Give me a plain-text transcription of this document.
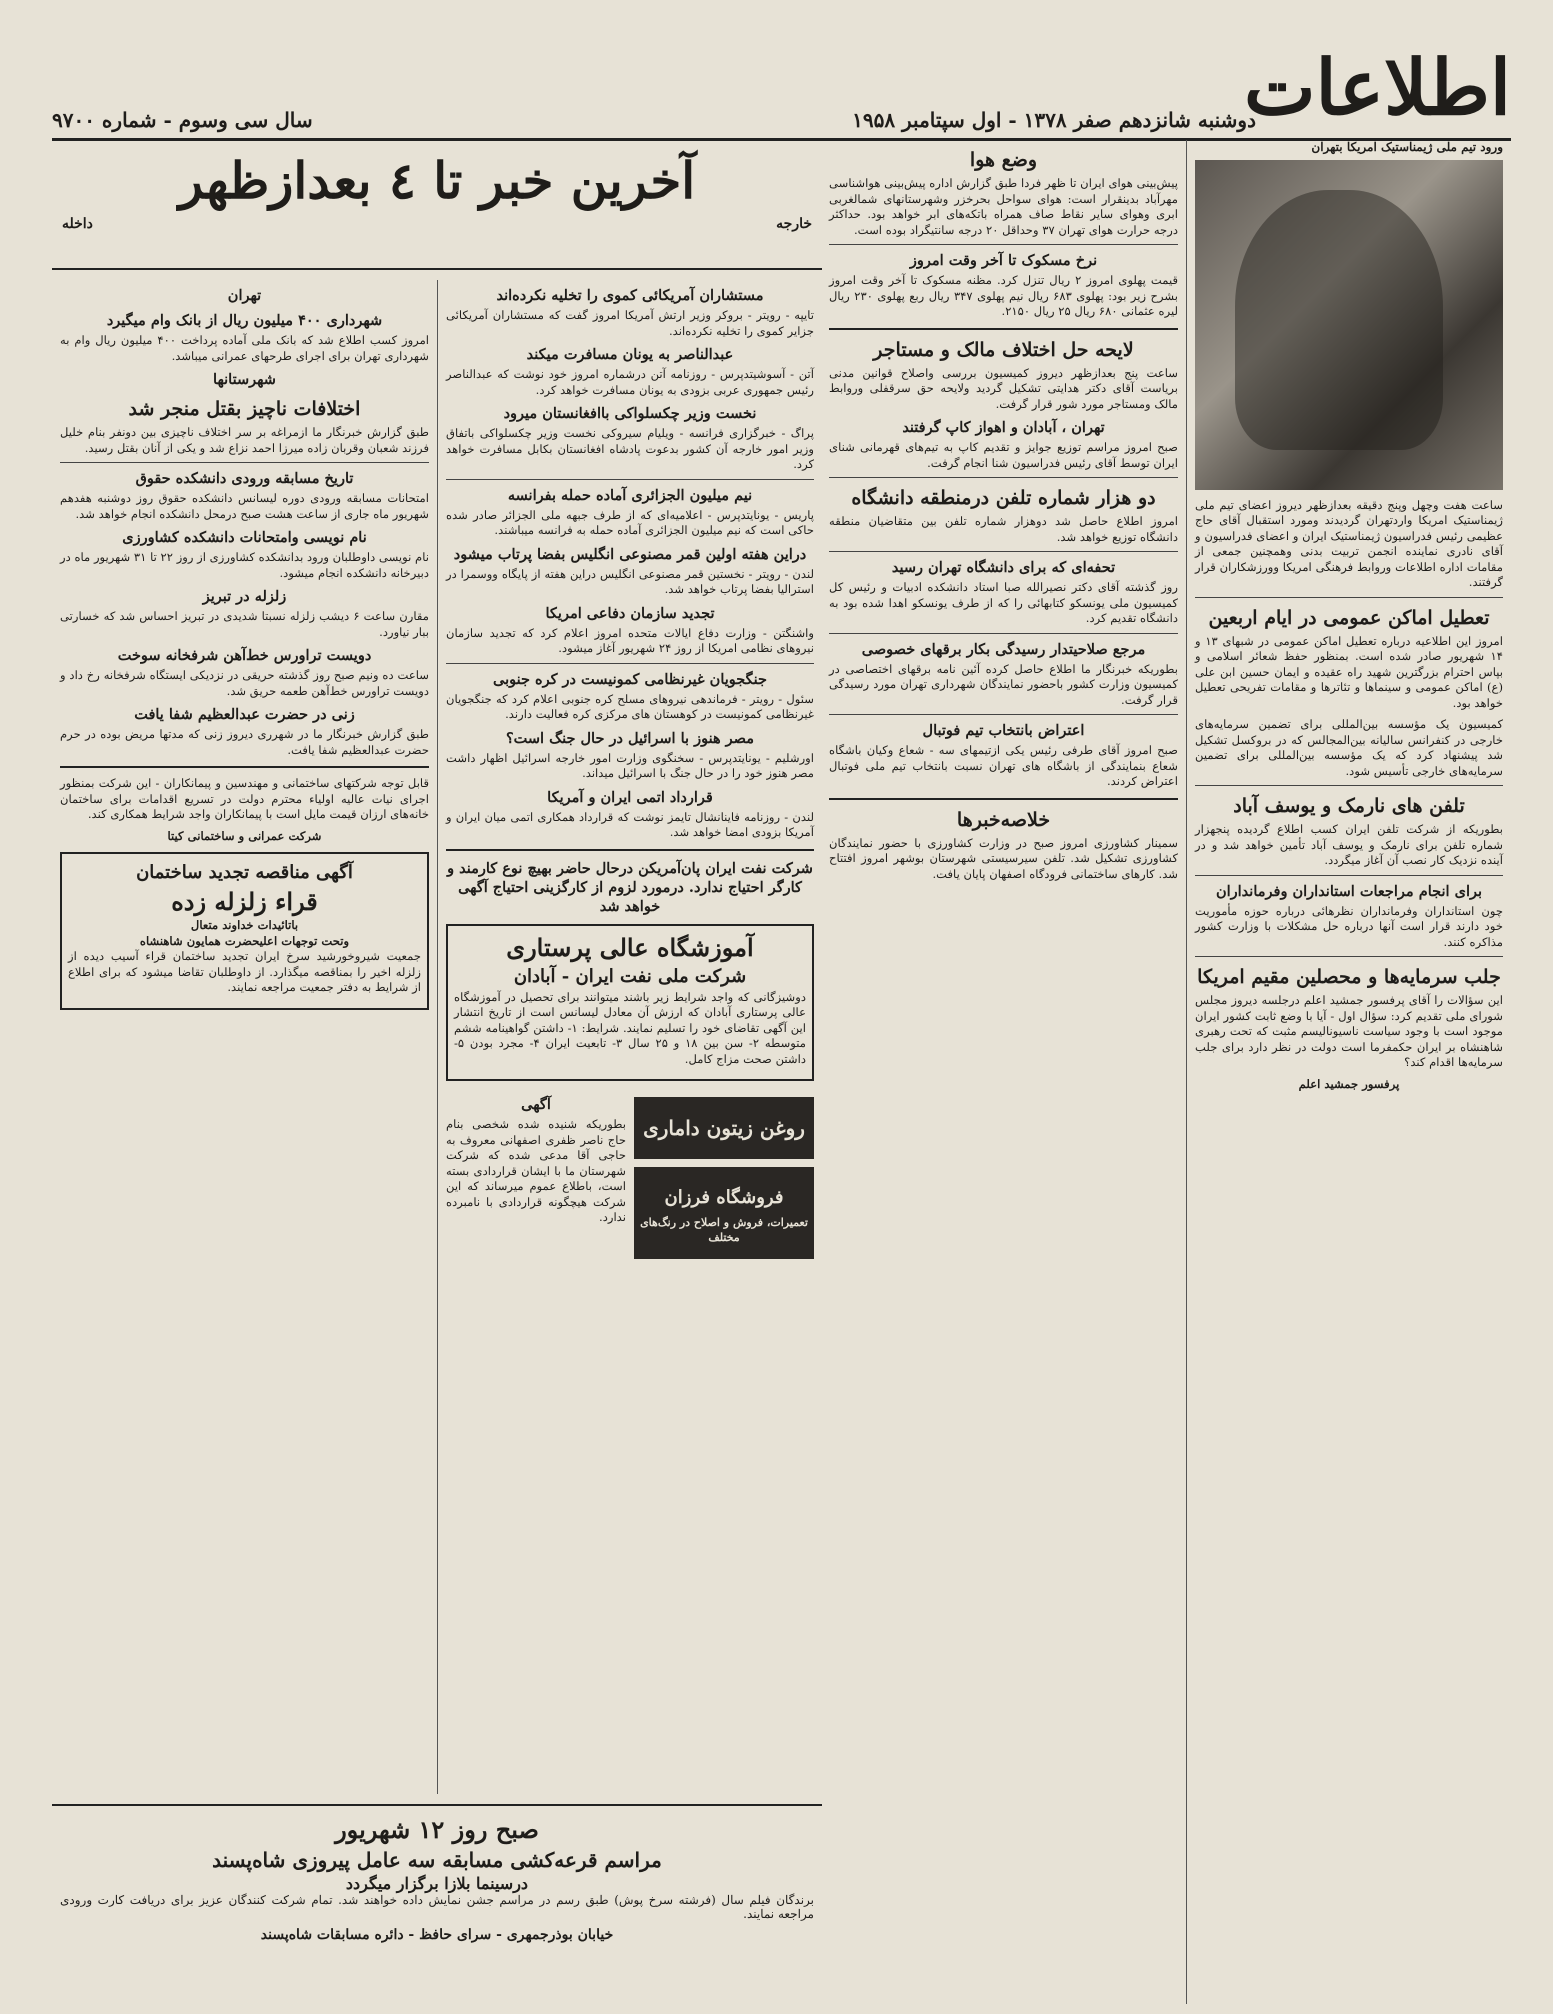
اطلاعات
دوشنبه شانزدهم صفر ۱۳۷۸ - اول سپتامبر ۱۹۵۸
سال سی وسوم - شماره ۹۷۰۰
ورود تیم ملی ژیمناستیک امریکا بتهران

ساعت هفت وچهل وپنج دقیقه بعدازظهر دیروز اعضای تیم ملی ژیمناستیک امریکا واردتهران گردیدند ومورد استقبال آقای حاج عظیمی رئیس فدراسیون ژیمناستیک ایران و اعضای فدراسیون و آقای نادری نماینده انجمن تربیت بدنی وهمچنین جمعی از مقامات اداره اطلاعات وروابط فرهنگی امریکا وورزشکاران قرار گرفتند.

تعطیل اماکن عمومی در ایام اربعین

امروز این اطلاعیه درباره تعطیل اماکن عمومی در شبهای ۱۳ و ۱۴ شهریور صادر شده است. بمنظور حفظ شعائر اسلامی و بپاس احترام بزرگترین شهید راه عقیده و ایمان حسین ابن علی (ع) اماکن عمومی و سینماها و تئاترها و مقامات تفریحی تعطیل خواهد بود.

کمیسیون یک مؤسسه بین‌المللی برای تضمین سرمایه‌های خارجی در کنفرانس سالیانه بین‌المجالس که در بروکسل تشکیل شد پیشنهاد کرد که یک مؤسسه بین‌المللی برای تضمین سرمایه‌های خارجی تأسیس شود.

تلفن های نارمک و یوسف آباد

بطوریکه از شرکت تلفن ایران کسب اطلاع گردیده پنجهزار شماره تلفن برای نارمک و یوسف آباد تأمین خواهد شد و در آینده نزدیک کار نصب آن آغاز میگردد.

برای انجام مراجعات استانداران وفرمانداران

چون استانداران وفرمانداران نظرهائی درباره حوزه مأموریت خود دارند قرار است آنها درباره حل مشکلات با وزارت کشور مذاکره کنند.

جلب سرمایه‌ها و محصلین مقیم امریکا

این سؤالات را آقای پرفسور جمشید اعلم درجلسه دیروز مجلس شورای ملی تقدیم کرد: سؤال اول - آیا با وضع ثابت کشور ایران موجود است با وجود سیاست ناسیونالیسم مثبت که تحت رهبری شاهنشاه بر ایران حکمفرما است دولت در نظر دارد برای جلب سرمایه‌ها اقدام کند؟

پرفسور جمشید اعلم

وضع هوا

پیش‌بینی هوای ایران تا ظهر فردا طبق گزارش اداره پیش‌بینی هواشناسی مهرآباد بدینقرار است: هوای سواحل بحرخزر وشهرستانهای شمالغربی ابری وهوای سایر نقاط صاف همراه باتکه‌های ابر خواهد بود. حداکثر درجه حرارت هوای تهران ۳۷ وحداقل ۲۰ درجه سانتیگراد بوده است.

نرخ مسکوک تا آخر وقت امروز

قیمت پهلوی امروز ۲ ریال تنزل کرد. مظنه مسکوک تا آخر وقت امروز بشرح زیر بود: پهلوی ۶۸۳ ریال نیم پهلوی ۳۴۷ ریال ربع پهلوی ۲۳۰ ریال لیره عثمانی ۶۸۰ ریال ۲۵ ریال ۲۱۵۰.

لایحه حل اختلاف مالک و مستاجر

ساعت پنج بعدازظهر دیروز کمیسیون بررسی واصلاح قوانین مدنی بریاست آقای دکتر هدایتی تشکیل گردید ولایحه حق سرقفلی وروابط مالک ومستاجر مورد شور قرار گرفت.

تهران ، آبادان و اهواز کاپ گرفتند

صبح امروز مراسم توزیع جوایز و تقدیم کاپ به تیم‌های قهرمانی شنای ایران توسط آقای رئیس فدراسیون شنا انجام گرفت.

دو هزار شماره تلفن درمنطقه دانشگاه

امروز اطلاع حاصل شد دوهزار شماره تلفن بین متقاضیان منطقه دانشگاه توزیع خواهد شد.

تحفه‌ای که برای دانشگاه تهران رسید

روز گذشته آقای دکتر نصیرالله صبا استاد دانشکده ادبیات و رئیس کل کمیسیون ملی یونسکو کتابهائی را که از طرف یونسکو اهدا شده بود به دانشگاه تقدیم کرد.

مرجع صلاحیتدار رسیدگی بکار برقهای خصوصی

بطوریکه خبرنگار ما اطلاع حاصل کرده آئین نامه برقهای اختصاصی در کمیسیون وزارت کشور باحضور نمایندگان شهرداری تهران مورد رسیدگی قرار گرفت.

اعتراض بانتخاب تیم فوتبال

صبح امروز آقای طرفی رئیس یکی ازتیمهای سه - شعاع وکیان باشگاه شعاع بنمایندگی از باشگاه های تهران نسبت بانتخاب تیم ملی فوتبال اعتراض کردند.

خلاصه‌خبرها

سمینار کشاورزی امروز صبح در وزارت کشاورزی با حضور نمایندگان کشاورزی تشکیل شد. تلفن سیرسیستی شهرستان بوشهر امروز افتتاح شد. کارهای ساختمانی فرودگاه اصفهان پایان یافت.

آخرین خبر تا ٤ بعدازظهر
خارجه
داخله
مستشاران آمریکائی کموی را تخلیه نکرده‌اند

تایپه - رویتر - بروکر وزیر ارتش آمریکا امروز گفت که مستشاران آمریکائی جزایر کموی را تخلیه نکرده‌اند.

عبدالناصر به یونان مسافرت میکند

آتن - آسوشیتدپرس - روزنامه آتن درشماره امروز خود نوشت که عبدالناصر رئیس جمهوری عربی بزودی به یونان مسافرت خواهد کرد.

نخست وزیر چکسلواکی باافغانستان میرود

پراگ - خبرگزاری فرانسه - ویلیام سیروکی نخست وزیر چکسلواکی باتفاق وزیر امور خارجه آن کشور بدعوت پادشاه افغانستان بکابل مسافرت خواهد کرد.

نیم میلیون الجزائری آماده حمله بفرانسه

پاریس - یونایتدپرس - اعلامیه‌ای که از طرف جبهه ملی الجزائر صادر شده حاکی است که نیم میلیون الجزائری آماده حمله به فرانسه میباشند.

دراین هفته اولین قمر مصنوعی انگلیس بفضا پرتاب میشود

لندن - رویتر - نخستین قمر مصنوعی انگلیس دراین هفته از پایگاه ووسمرا در استرالیا بفضا پرتاب خواهد شد.

تجدید سازمان دفاعی امریکا

واشنگتن - وزارت دفاع ایالات متحده امروز اعلام کرد که تجدید سازمان نیروهای نظامی امریکا از روز ۲۴ شهریور آغاز میشود.

جنگجویان غیرنظامی کمونیست در کره جنوبی

سئول - رویتر - فرماندهی نیروهای مسلح کره جنوبی اعلام کرد که جنگجویان غیرنظامی کمونیست در کوهستان های مرکزی کره فعالیت دارند.

مصر هنوز با اسرائیل در حال جنگ است؟

اورشلیم - یونایتدپرس - سخنگوی وزارت امور خارجه اسرائیل اظهار داشت مصر هنوز خود را در حال جنگ با اسرائیل میداند.

قرارداد اتمی ایران و آمریکا

لندن - روزنامه فاینانشال تایمز نوشت که قرارداد همکاری اتمی میان ایران و آمریکا بزودی امضا خواهد شد.

شرکت نفت ایران پان‌آمریکن درحال حاضر بهیچ نوع کارمند و کارگر احتیاج ندارد. درمورد لزوم از کارگزینی احتیاج آگهی خواهد شد
آموزشگاه عالی پرستاری
شرکت ملی نفت ایران - آبادان

دوشیزگانی که واجد شرایط زیر باشند میتوانند برای تحصیل در آموزشگاه عالی پرستاری آبادان که ارزش آن معادل لیسانس است از تاریخ انتشار این آگهی تقاضای خود را تسلیم نمایند. شرایط: ۱- داشتن گواهینامه ششم متوسطه ۲- سن بین ۱۸ و ۲۵ سال ۳- تابعیت ایران ۴- مجرد بودن ۵- داشتن صحت مزاج کامل.

روغن زیتون داماری
فروشگاه فرزان
تعمیرات، فروش و اصلاح در رنگ‌های مختلف
آگهی

بطوریکه شنیده شده شخصی بنام حاج ناصر ظفری اصفهانی معروف به حاجی آقا مدعی شده که شرکت شهرستان ما با ایشان قراردادی بسته است، باطلاع عموم میرساند که این شرکت هیچگونه قراردادی با نامبرده ندارد.

تهران
شهرداری ۴۰۰ میلیون ریال از بانک وام میگیرد

امروز کسب اطلاع شد که بانک ملی آماده پرداخت ۴۰۰ میلیون ریال وام به شهرداری تهران برای اجرای طرحهای عمرانی میباشد.

شهرستانها
اختلافات ناچیز بقتل منجر شد

طبق گزارش خبرنگار ما ازمراغه بر سر اختلاف ناچیزی بین دونفر بنام خلیل فرزند شعبان وقربان زاده میرزا احمد نزاع شد و یکی از آنان بقتل رسید.

تاریخ مسابقه ورودی دانشکده حقوق

امتحانات مسابقه ورودی دوره لیسانس دانشکده حقوق روز دوشنبه هفدهم شهریور ماه جاری از ساعت هشت صبح درمحل دانشکده انجام خواهد شد.

نام نویسی وامتحانات دانشکده کشاورزی

نام نویسی داوطلبان ورود بدانشکده کشاورزی از روز ۲۲ تا ۳۱ شهریور ماه در دبیرخانه دانشکده انجام میشود.

زلزله در تبریز

مقارن ساعت ۶ دیشب زلزله نسبتا شدیدی در تبریز احساس شد که خسارتی ببار نیاورد.

دویست تراورس خط‌آهن شرفخانه سوخت

ساعت ده ونیم صبح روز گذشته حریقی در نزدیکی ایستگاه شرفخانه رخ داد و دویست تراورس خط‌آهن طعمه حریق شد.

زنی در حضرت عبدالعظیم شفا یافت

طبق گزارش خبرنگار ما در شهرری دیروز زنی که مدتها مریض بوده در حرم حضرت عبدالعظیم شفا یافت.

قابل توجه شرکتهای ساختمانی و مهندسین و پیمانکاران - این شرکت بمنظور اجرای نیات عالیه اولیاء محترم دولت در تسریع اقدامات برای ساختمان خانه‌های ارزان قیمت مایل است با پیمانکاران واجد شرایط همکاری کند.

شرکت عمرانی و ساختمانی کیتا

آگهی مناقصه تجدید ساختمان
قراء زلزله زده
باتائیدات خداوند متعال
وتحت توجهات اعلیحضرت همایون شاهنشاه

جمعیت شیروخورشید سرخ ایران تجدید ساختمان قراء آسیب دیده از زلزله اخیر را بمناقصه میگذارد. از داوطلبان تقاضا میشود که برای اطلاع از شرایط به دفتر جمعیت مراجعه نمایند.

صبح روز ۱۲ شهریور
مراسم قرعه‌کشی مسابقه سه عامل پیروزی شاه‌پسند
درسینما بلازا برگزار میگردد

برندگان فیلم سال (فرشته سرخ پوش) طبق رسم در مراسم جشن نمایش داده خواهند شد. تمام شرکت کنندگان عزیز برای دریافت کارت ورودی مراجعه نمایند.

خیابان بوذرجمهری - سرای حافظ - دائره مسابقات شاه‌پسند
